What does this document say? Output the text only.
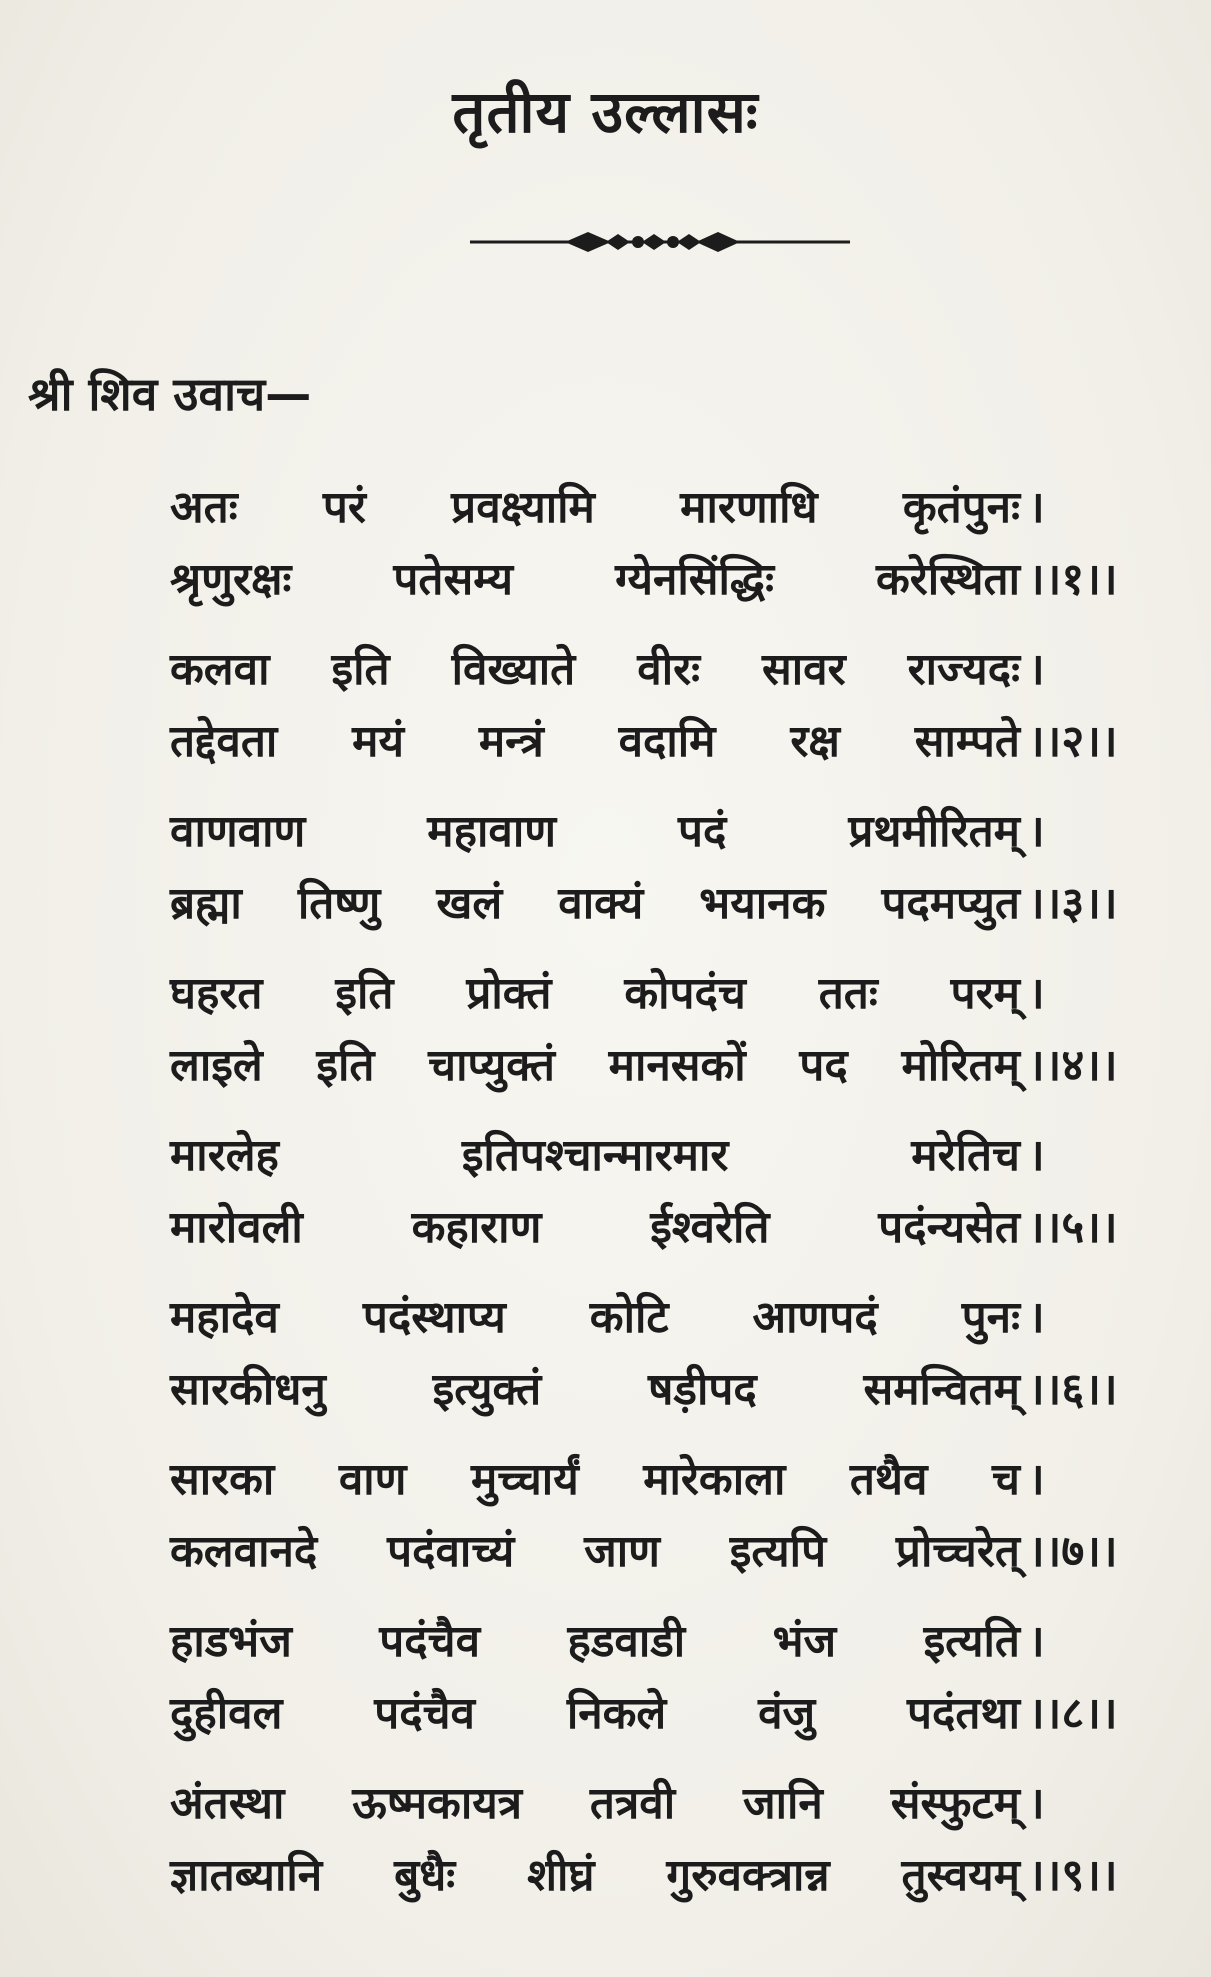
तृतीय उल्लासः
श्री शिव उवाच—
अतः परं प्रवक्ष्यामि मारणाधि कृतंपुनः ।
श्रृणुरक्षः पतेसम्य ग्येनसिंद्धिः करेस्थिता ।।१।।
कलवा इति विख्याते वीरः सावर राज्यदः ।
तद्देवता मयं मन्त्रं वदामि रक्ष साम्पते ।।२।।
वाणवाण	महावाण	पदं	प्रथमीरितम् ।
ब्रह्मा तिष्णु खलं वाक्यं भयानक पदमप्युत ।।३।।
घहरत इति प्रोक्तं कोपदंच ततः परम् ।
लाइले इति चाप्युक्तं मानसकों पद मोरितम् ।।४।।
मारलेह	इतिपश्चान्मारमार	मरेतिच ।
मारोवली कहाराण ईश्वरेति पदंन्यसेत ।।५।।
महादेव पदंस्थाप्य कोटि आणपदं पुनः ।
सारकीधनु इत्युक्तं षड़ीपद समन्वितम् ।।६।।
सारका वाण मुच्चार्यं मारेकाला तथैव च ।
कलवानदे पदंवाच्यं जाण इत्यपि प्रोच्चरेत् ।।७।।
हाडभंज पदंचैव हडवाडी भंज इत्यति ।
दुहीवल पदंचैव निकले वंजु पदंतथा ।।८।।
अंतस्था ऊष्मकायत्र तत्रवी जानि संस्फुटम् ।
ज्ञातब्यानि बुधैः शीघ्रं गुरुवक्त्रान्न तुस्वयम् ।।९।।
